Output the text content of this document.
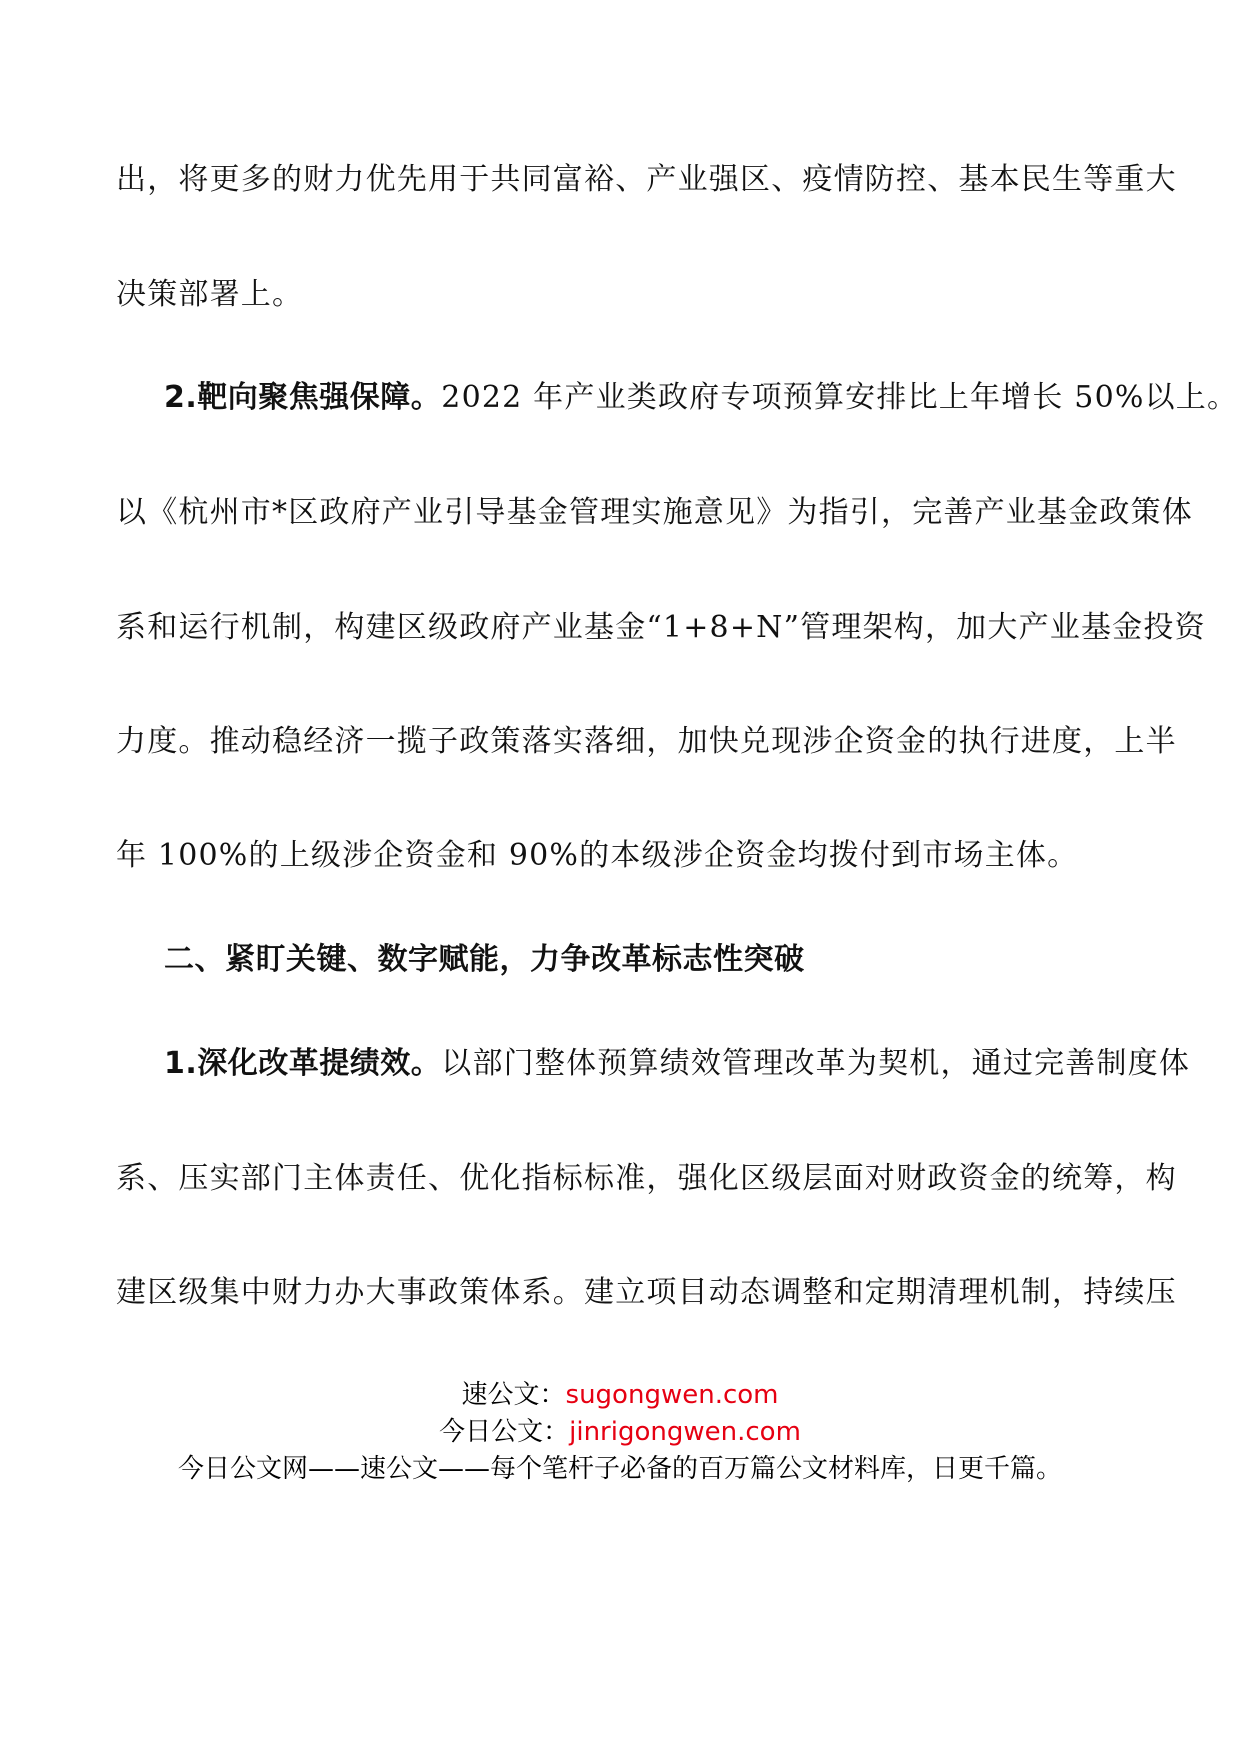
出，将更多的财力优先用于共同富裕、产业强区、疫情防控、基本民生等重大
决策部署上。
2.靶向聚焦强保障。2022 年产业类政府专项预算安排比上年增长 50%以上。
以《杭州市*区政府产业引导基金管理实施意见》为指引，完善产业基金政策体
系和运行机制，构建区级政府产业基金“1+8+N”管理架构，加大产业基金投资
力度。推动稳经济一揽子政策落实落细，加快兑现涉企资金的执行进度，上半
年 100%的上级涉企资金和 90%的本级涉企资金均拨付到市场主体。
二、紧盯关键、数字赋能，力争改革标志性突破
1.深化改革提绩效。以部门整体预算绩效管理改革为契机，通过完善制度体
系、压实部门主体责任、优化指标标准，强化区级层面对财政资金的统筹，构
建区级集中财力办大事政策体系。建立项目动态调整和定期清理机制，持续压
速公文：sugongwen.com
今日公文：jinrigongwen.com
今日公文网——速公文——每个笔杆子必备的百万篇公文材料库，日更千篇。
